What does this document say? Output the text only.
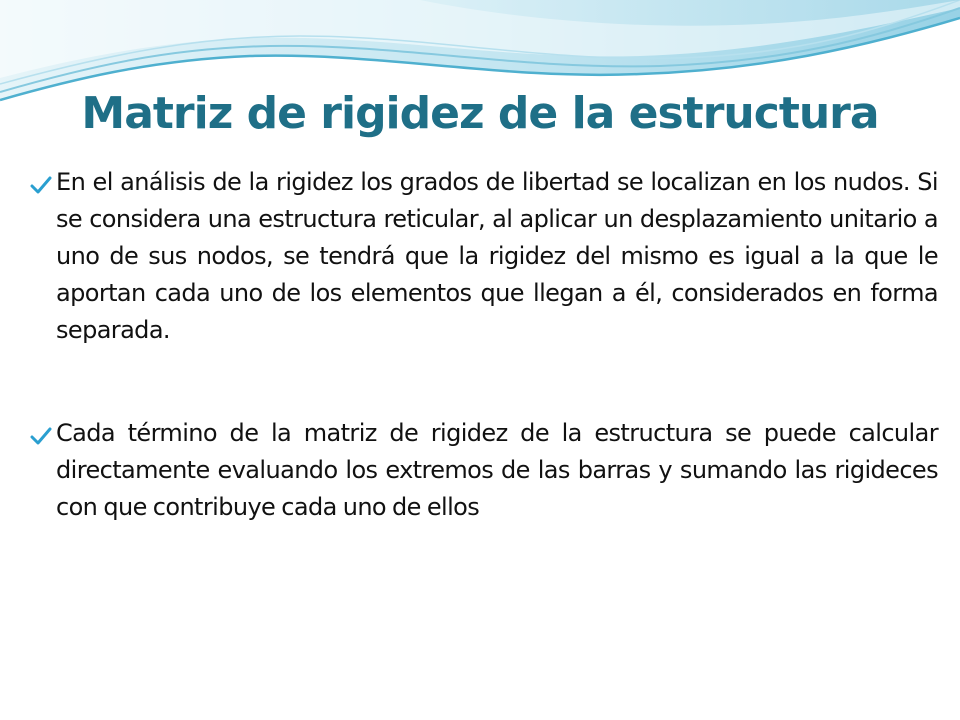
Matriz de rigidez de la estructura

En el análisis de la rigidez los grados de libertad se localizan en los nudos. Si se considera una estructura reticular, al aplicar un desplazamiento unitario a uno de sus nodos, se tendrá que la rigidez del mismo es igual a la que le aportan cada uno de los elementos que llegan a él, considerados en forma separada.

Cada término de la matriz de rigidez de la estructura se puede calcular directamente evaluando los extremos de las barras y sumando las rigideces con que contribuye cada uno de ellos
